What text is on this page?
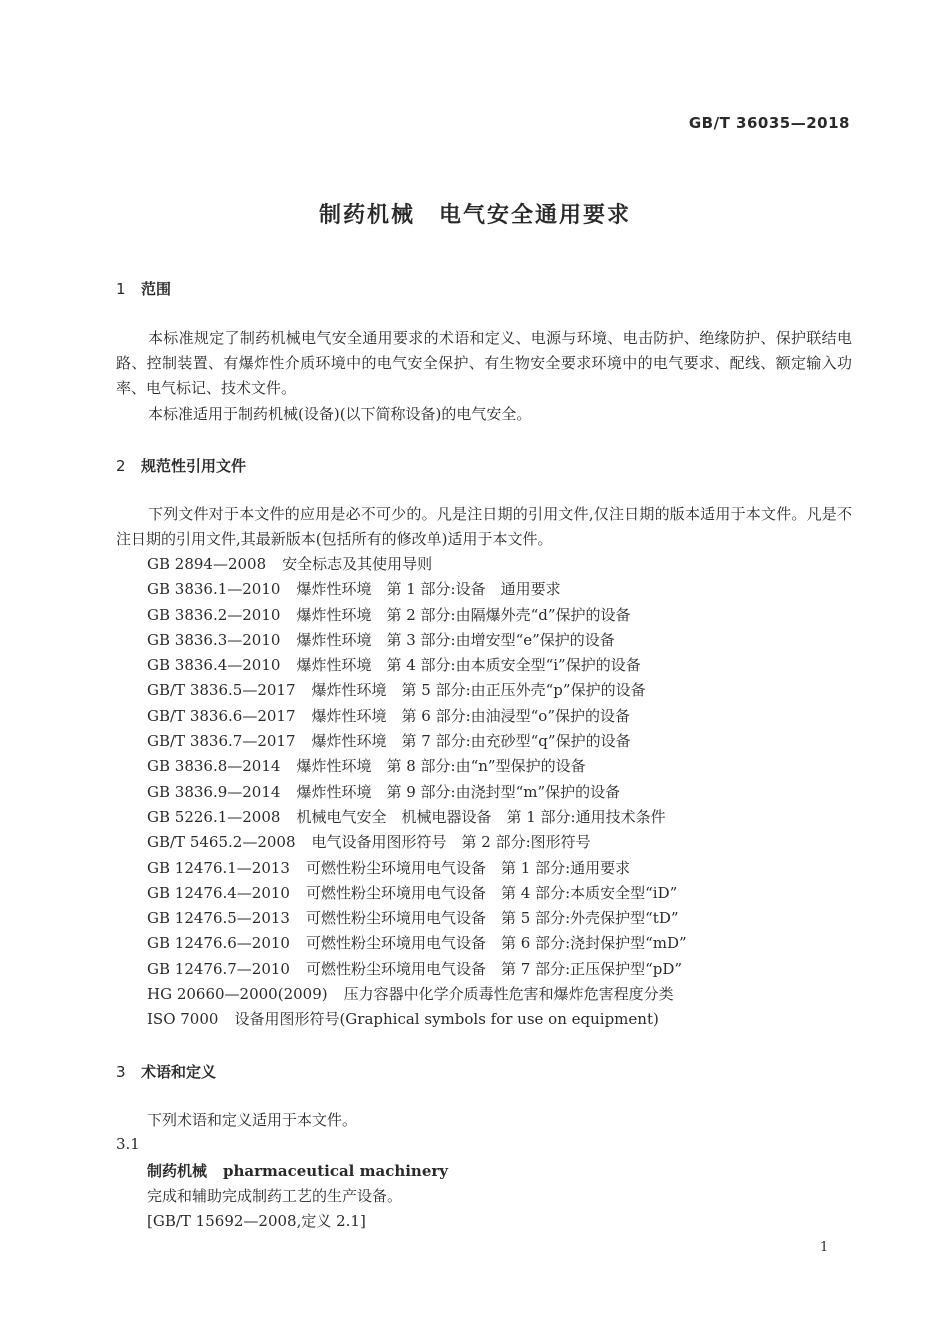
GB/T 36035—2018
制药机械　电气安全通用要求
1 范围

本标准规定了制药机械电气安全通用要求的术语和定义、电源与环境、电击防护、绝缘防护、保护联结电路、控制装置、有爆炸性介质环境中的电气安全保护、有生物安全要求环境中的电气要求、配线、额定输入功率、电气标记、技术文件。

本标准适用于制药机械(设备)(以下简称设备)的电气安全。

2 规范性引用文件

下列文件对于本文件的应用是必不可少的。凡是注日期的引用文件,仅注日期的版本适用于本文件。凡是不注日期的引用文件,其最新版本(包括所有的修改单)适用于本文件。

GB 2894—2008 安全标志及其使用导则
GB 3836.1—2010 爆炸性环境　第 1 部分:设备　通用要求
GB 3836.2—2010 爆炸性环境　第 2 部分:由隔爆外壳“d”保护的设备
GB 3836.3—2010 爆炸性环境　第 3 部分:由增安型“e”保护的设备
GB 3836.4—2010 爆炸性环境　第 4 部分:由本质安全型“i”保护的设备
GB/T 3836.5—2017 爆炸性环境　第 5 部分:由正压外壳“p”保护的设备
GB/T 3836.6—2017 爆炸性环境　第 6 部分:由油浸型“o”保护的设备
GB/T 3836.7—2017 爆炸性环境　第 7 部分:由充砂型“q”保护的设备
GB 3836.8—2014 爆炸性环境　第 8 部分:由“n”型保护的设备
GB 3836.9—2014 爆炸性环境　第 9 部分:由浇封型“m”保护的设备
GB 5226.1—2008 机械电气安全　机械电器设备　第 1 部分:通用技术条件
GB/T 5465.2—2008 电气设备用图形符号　第 2 部分:图形符号
GB 12476.1—2013 可燃性粉尘环境用电气设备　第 1 部分:通用要求
GB 12476.4—2010 可燃性粉尘环境用电气设备　第 4 部分:本质安全型“iD”
GB 12476.5—2013 可燃性粉尘环境用电气设备　第 5 部分:外壳保护型“tD”
GB 12476.6—2010 可燃性粉尘环境用电气设备　第 6 部分:浇封保护型“mD”
GB 12476.7—2010 可燃性粉尘环境用电气设备　第 7 部分:正压保护型“pD”
HG 20660—2000(2009) 压力容器中化学介质毒性危害和爆炸危害程度分类
ISO 7000 设备用图形符号(Graphical symbols for use on equipment)
3 术语和定义
下列术语和定义适用于本文件。
3.1
制药机械 pharmaceutical machinery
完成和辅助完成制药工艺的生产设备。
[GB/T 15692—2008,定义 2.1]
1
